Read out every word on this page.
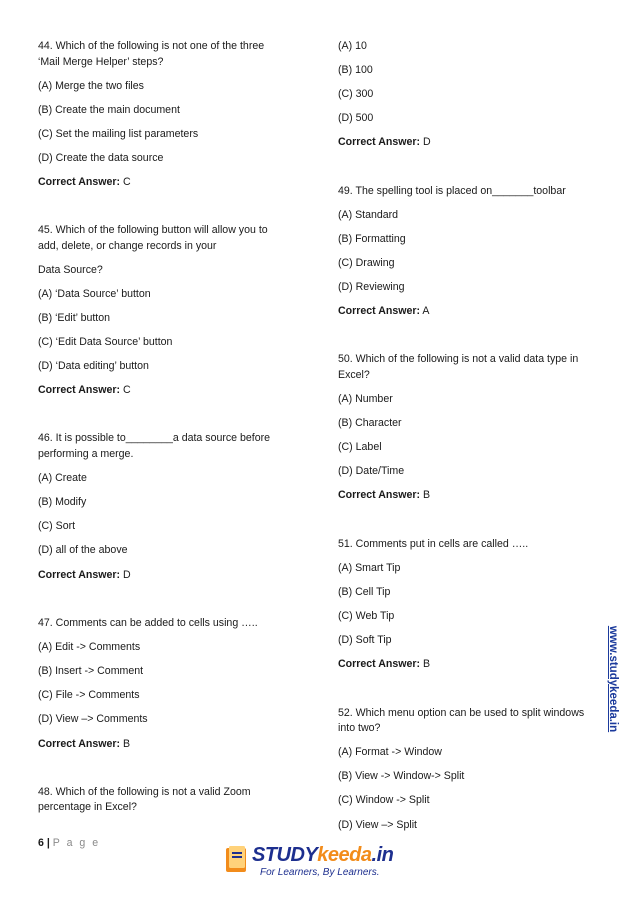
44. Which of the following is not one of the three
‘Mail Merge Helper’ steps?
(A) Merge the two files
(B) Create the main document
(C) Set the mailing list parameters
(D) Create the data source
Correct Answer: C
45. Which of the following button will allow you to
add, delete, or change records in your
Data Source?
(A) ‘Data Source’ button
(B) ‘Edit’ button
(C) ‘Edit Data Source’ button
(D) ‘Data editing’ button
Correct Answer: C
46. It is possible to________a data source before
performing a merge.
(A) Create
(B) Modify
(C) Sort
(D) all of the above
Correct Answer: D
47. Comments can be added to cells using …..
(A) Edit -> Comments
(B) Insert -> Comment
(C) File -> Comments
(D) View –> Comments
Correct Answer: B
48. Which of the following is not a valid Zoom
percentage in Excel?
(A) 10
(B) 100
(C) 300
(D) 500
Correct Answer: D
49. The spelling tool is placed on_______toolbar
(A) Standard
(B) Formatting
(C) Drawing
(D) Reviewing
Correct Answer: A
50. Which of the following is not a valid data type in
Excel?
(A) Number
(B) Character
(C) Label
(D) Date/Time
Correct Answer: B
51. Comments put in cells are called …..
(A) Smart Tip
(B) Cell Tip
(C) Web Tip
(D) Soft Tip
Correct Answer: B
52. Which menu option can be used to split windows
into two?
(A) Format -> Window
(B) View -> Window-> Split
(C) Window -> Split
(D) View –> Split
www.studykeeda.in
6 | P a g e
STUDYkeeda.in
For Learners, By Learners.
